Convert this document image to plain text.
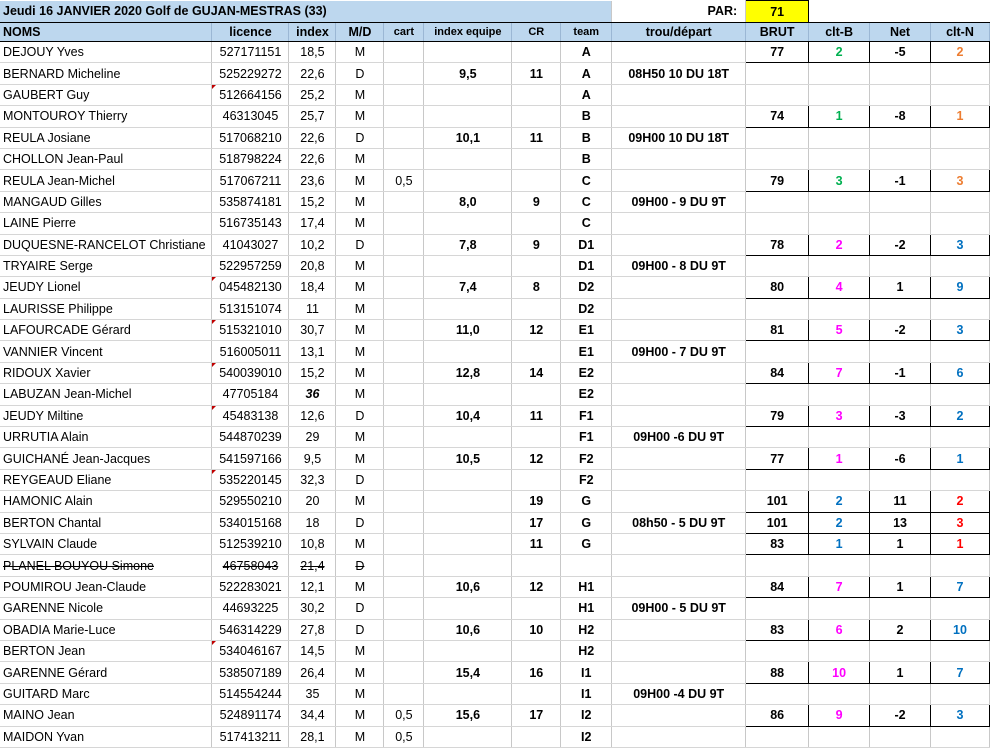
Jeudi 16 JANVIER 2020 Golf de GUJAN-MESTRAS (33)								PAR:	71			
NOMS	licence	index	M/D	cart	index equipe	CR	team	trou/départ	BRUT	clt-B	Net	clt-N
DEJOUY Yves	527171151	18,5	M				A		77	2	-5	2
BERNARD Micheline	525229272	22,6	D		9,5	11	A	08H50 10 DU 18T				
GAUBERT Guy	512664156	25,2	M				A					
MONTOUROY Thierry	46313045	25,7	M				B		74	1	-8	1
REULA Josiane	517068210	22,6	D		10,1	11	B	09H00 10 DU 18T				
CHOLLON Jean-Paul	518798224	22,6	M				B					
REULA Jean-Michel	517067211	23,6	M	0,5			C		79	3	-1	3
MANGAUD Gilles	535874181	15,2	M		8,0	9	C	09H00 - 9 DU 9T				
LAINE Pierre	516735143	17,4	M				C					
DUQUESNE-RANCELOT Christiane	41043027	10,2	D		7,8	9	D1		78	2	-2	3
TRYAIRE Serge	522957259	20,8	M				D1	09H00 - 8 DU 9T				
JEUDY Lionel	045482130	18,4	M		7,4	8	D2		80	4	1	9
LAURISSE Philippe	513151074	11	M				D2					
LAFOURCADE Gérard	515321010	30,7	M		11,0	12	E1		81	5	-2	3
VANNIER Vincent	516005011	13,1	M				E1	09H00 - 7 DU 9T				
RIDOUX Xavier	540039010	15,2	M		12,8	14	E2		84	7	-1	6
LABUZAN Jean-Michel	47705184	36	M				E2					
JEUDY Miltine	45483138	12,6	D		10,4	11	F1		79	3	-3	2
URRUTIA Alain	544870239	29	M				F1	09H00 -6 DU 9T				
GUICHANÉ Jean-Jacques	541597166	9,5	M		10,5	12	F2		77	1	-6	1
REYGEAUD Eliane	535220145	32,3	D				F2					
HAMONIC Alain	529550210	20	M			19	G		101	2	11	2
BERTON Chantal	534015168	18	D			17	G	08h50 - 5 DU 9T	101	2	13	3
SYLVAIN Claude	512539210	10,8	M			11	G		83	1	1	1
PLANEL BOUYOU Simone	46758043	21,4	D									
POUMIROU Jean-Claude	522283021	12,1	M		10,6	12	H1		84	7	1	7
GARENNE Nicole	44693225	30,2	D				H1	09H00 - 5 DU 9T				
OBADIA Marie-Luce	546314229	27,8	D		10,6	10	H2		83	6	2	10
BERTON Jean	534046167	14,5	M				H2					
GARENNE Gérard	538507189	26,4	M		15,4	16	I1		88	10	1	7
GUITARD Marc	514554244	35	M				I1	09H00 -4 DU 9T				
MAINO Jean	524891174	34,4	M	0,5	15,6	17	I2		86	9	-2	3
MAIDON Yvan	517413211	28,1	M	0,5			I2					
